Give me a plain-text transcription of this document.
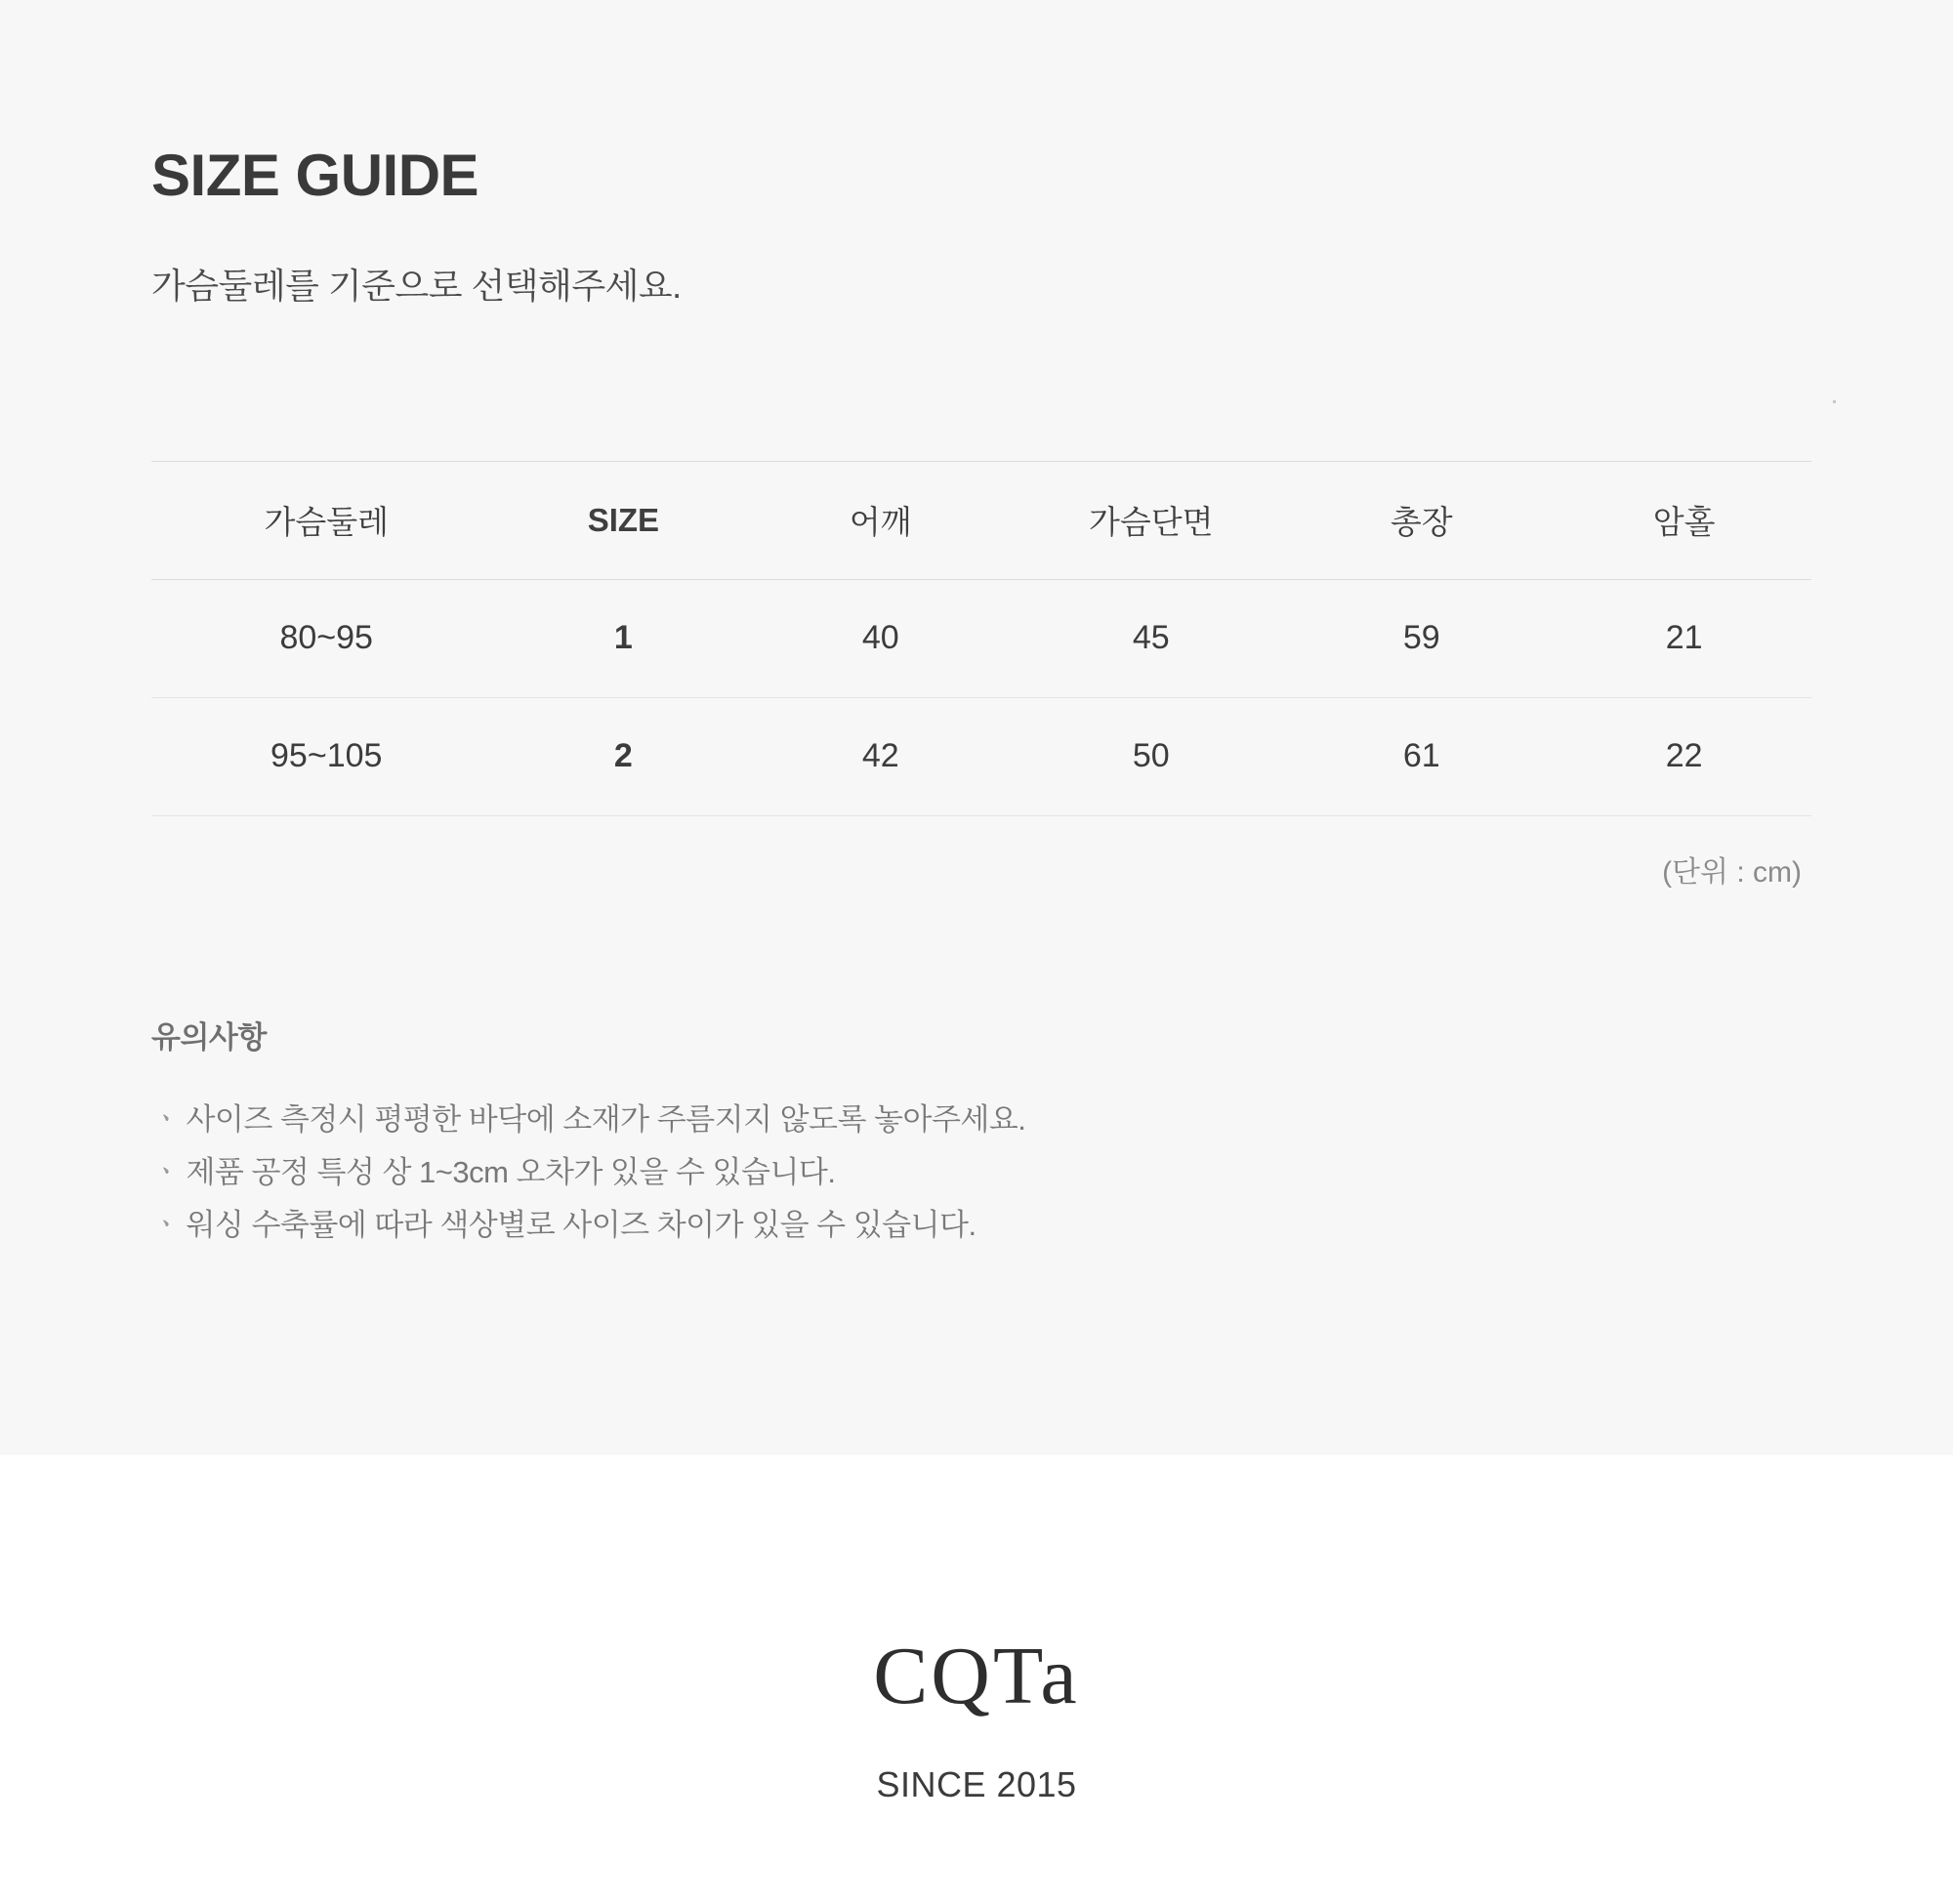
SIZE GUIDE

가슴둘레를 기준으로 선택해주세요.

가슴둘레	SIZE	어깨	가슴단면	총장	암홀
80~95	1	40	45	59	21
95~105	2	42	50	61	22
(단위 : cm)
유의사항
ㆍ 사이즈 측정시 평평한 바닥에 소재가 주름지지 않도록 놓아주세요.
ㆍ 제품 공정 특성 상 1~3cm 오차가 있을 수 있습니다.
ㆍ 워싱 수축률에 따라 색상별로 사이즈 차이가 있을 수 있습니다.
CQTa
SINCE 2015
